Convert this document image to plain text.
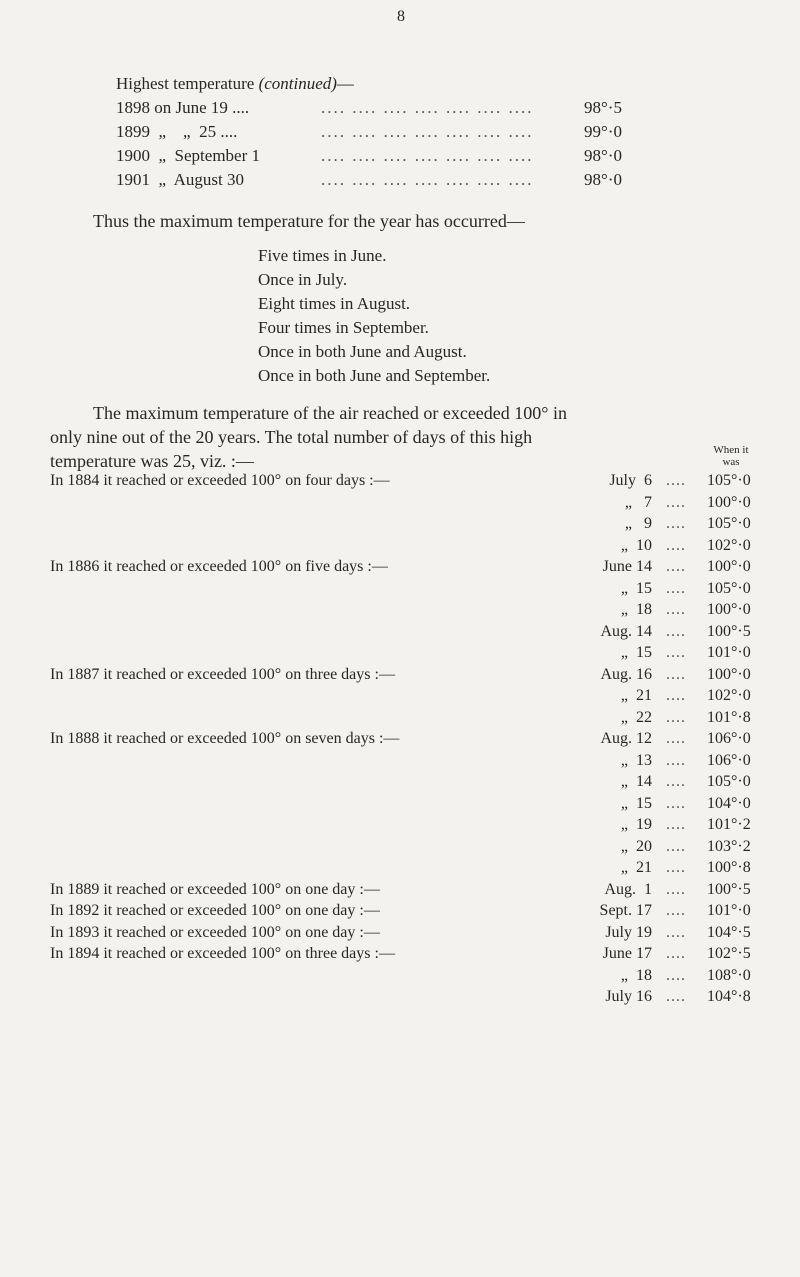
8
Highest temperature (continued)—
1898 on June 19 ....	.... .... .... .... .... .... ....	98°·5
1899  „    „  25 ....	.... .... .... .... .... .... ....	99°·0
1900  „  September 1	.... .... .... .... .... .... ....	98°·0
1901  „  August 30	.... .... .... .... .... .... ....	98°·0
Thus the maximum temperature for the year has occurred—
Five times in June.
Once in July.
Eight times in August.
Four times in September.
Once in both June and August.
Once in both June and September.
The maximum temperature of the air reached or exceeded 100° in
only nine out of the 20 years. The total number of days of this high
temperature was 25, viz. :—
When it
was
In 1884 it reached or exceeded 100° on four days :—	July  6 .... 105°·0
„   7 .... 100°·0
„   9 .... 105°·0
„  10 .... 102°·0
In 1886 it reached or exceeded 100° on five days :—	June 14 .... 100°·0
„  15 .... 105°·0
„  18 .... 100°·0
Aug. 14 .... 100°·5
„  15 .... 101°·0
In 1887 it reached or exceeded 100° on three days :—	Aug. 16 .... 100°·0
„  21 .... 102°·0
„  22 .... 101°·8
In 1888 it reached or exceeded 100° on seven days :—	Aug. 12 .... 106°·0
„  13 .... 106°·0
„  14 .... 105°·0
„  15 .... 104°·0
„  19 .... 101°·2
„  20 .... 103°·2
„  21 .... 100°·8
In 1889 it reached or exceeded 100° on one day :—	Aug.  1 .... 100°·5
In 1892 it reached or exceeded 100° on one day :—	Sept. 17 .... 101°·0
In 1893 it reached or exceeded 100° on one day :—	July 19 .... 104°·5
In 1894 it reached or exceeded 100° on three days :—	June 17 .... 102°·5
„  18 .... 108°·0
July 16 .... 104°·8
